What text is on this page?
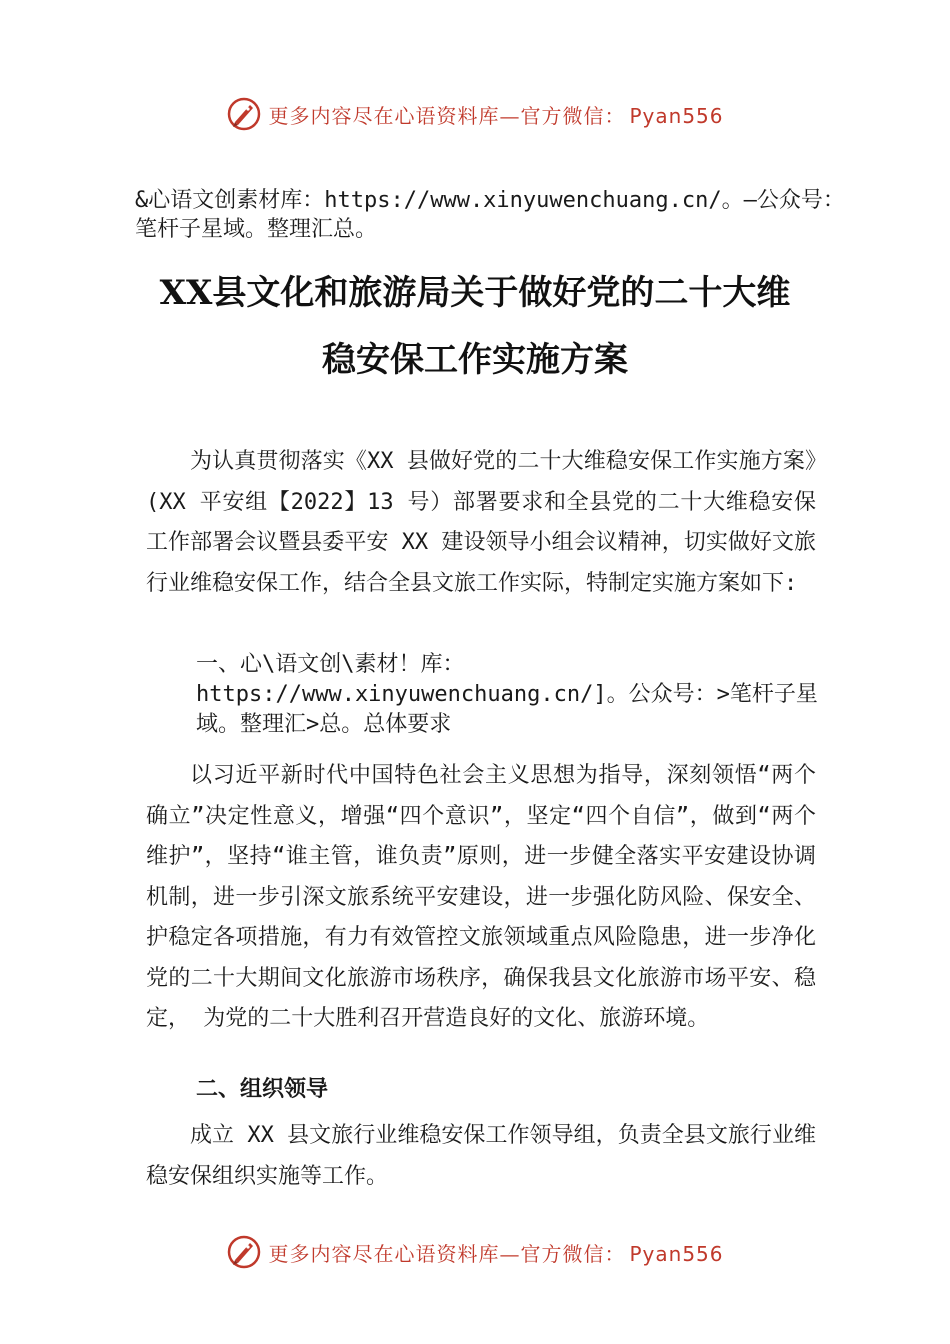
更多内容尽在心语资料库—官方微信： Pyan556
&心语文创素材库：https://www.xinyuwenchuang.cn/。—公众号：笔杆子星域。整理汇总。
XX县文化和旅游局关于做好党的二十大维
稳安保工作实施方案

为认真贯彻落实《XX 县做好党的二十大维稳安保工作实施方案》(XX 平安组【2022】13 号）部署要求和全县党的二十大维稳安保工作部署会议暨县委平安 XX 建设领导小组会议精神，切实做好文旅行业维稳安保工作，结合全县文旅工作实际，特制定实施方案如下:

一、心\语文创\素材！库：https://www.xinyuwenchuang.cn/]。公众号：>笔杆子星域。整理汇>总。总体要求

以习近平新时代中国特色社会主义思想为指导，深刻领悟“两个确立”决定性意义，增强“四个意识”，坚定“四个自信”，做到“两个维护”，坚持“谁主管，谁负责”原则，进一步健全落实平安建设协调机制，进一步引深文旅系统平安建设，进一步强化防风险、保安全、护稳定各项措施，有力有效管控文旅领域重点风险隐患，进一步净化党的二十大期间文化旅游市场秩序，确保我县文化旅游市场平安、稳定， 为党的二十大胜利召开营造良好的文化、旅游环境。

二、组织领导

成立 XX 县文旅行业维稳安保工作领导组，负责全县文旅行业维稳安保组织实施等工作。

更多内容尽在心语资料库—官方微信： Pyan556
